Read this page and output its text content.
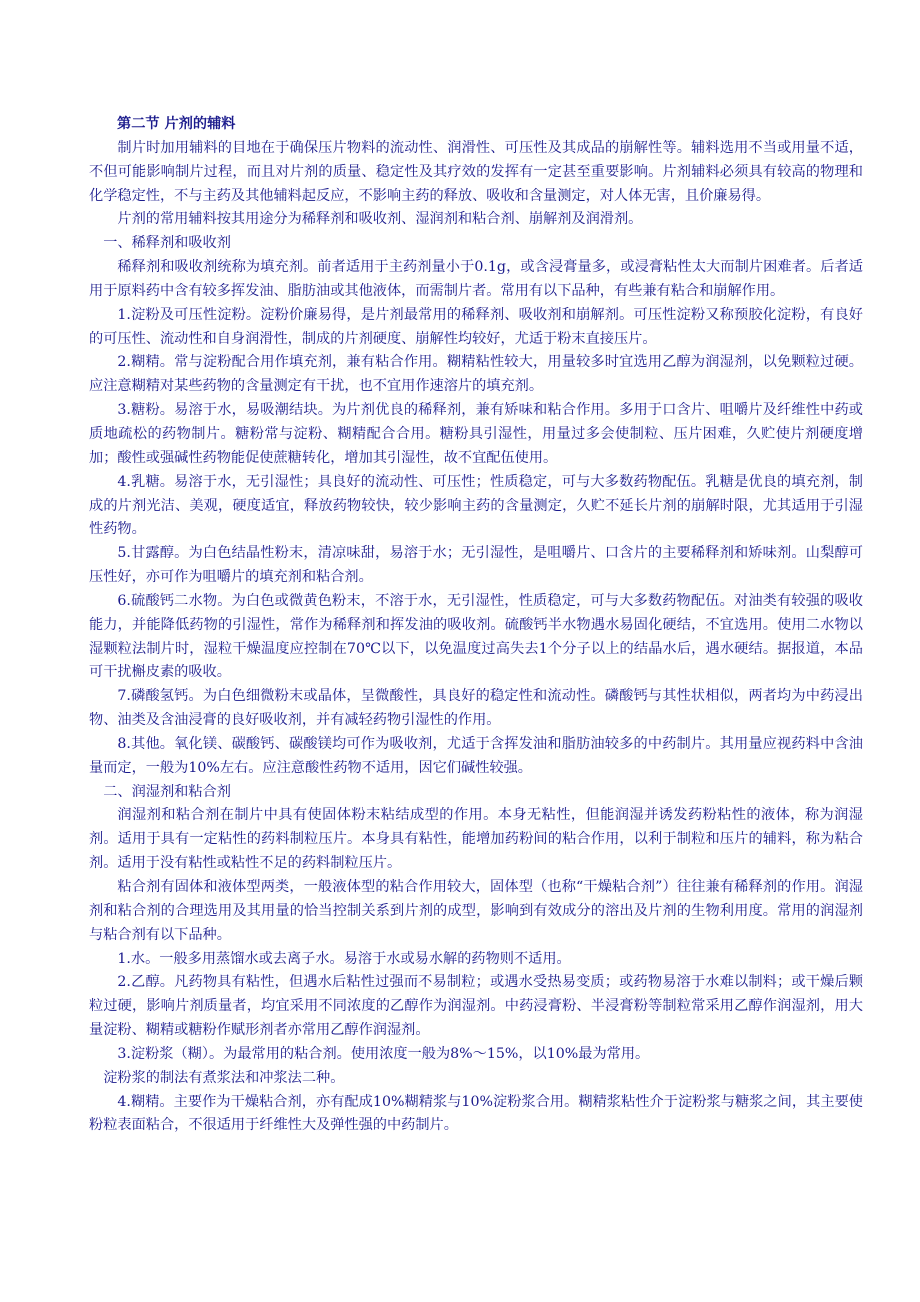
第二节 片剂的辅料

制片时加用辅料的目地在于确保压片物料的流动性、润滑性、可压性及其成品的崩解性等。辅料选用不当或用量不适，不但可能影响制片过程，而且对片剂的质量、稳定性及其疗效的发挥有一定甚至重要影响。片剂辅料必须具有较高的物理和化学稳定性，不与主药及其他辅料起反应，不影响主药的释放、吸收和含量测定，对人体无害，且价廉易得。

片剂的常用辅料按其用途分为稀释剂和吸收剂、湿润剂和粘合剂、崩解剂及润滑剂。

一、稀释剂和吸收剂

稀释剂和吸收剂统称为填充剂。前者适用于主药剂量小于0.1g，或含浸膏量多，或浸膏粘性太大而制片困难者。后者适用于原料药中含有较多挥发油、脂肪油或其他液体，而需制片者。常用有以下品种，有些兼有粘合和崩解作用。

1.淀粉及可压性淀粉。淀粉价廉易得，是片剂最常用的稀释剂、吸收剂和崩解剂。可压性淀粉又称预胶化淀粉，有良好的可压性、流动性和自身润滑性，制成的片剂硬度、崩解性均较好，尤适于粉末直接压片。

2.糊精。常与淀粉配合用作填充剂，兼有粘合作用。糊精粘性较大，用量较多时宜选用乙醇为润湿剂，以免颗粒过硬。应注意糊精对某些药物的含量测定有干扰，也不宜用作速溶片的填充剂。

3.糖粉。易溶于水，易吸潮结块。为片剂优良的稀释剂，兼有矫味和粘合作用。多用于口含片、咀嚼片及纤维性中药或质地疏松的药物制片。糖粉常与淀粉、糊精配合合用。糖粉具引湿性，用量过多会使制粒、压片困难，久贮使片剂硬度增加；酸性或强碱性药物能促使蔗糖转化，增加其引湿性，故不宜配伍使用。

4.乳糖。易溶于水，无引湿性；具良好的流动性、可压性；性质稳定，可与大多数药物配伍。乳糖是优良的填充剂，制成的片剂光洁、美观，硬度适宜，释放药物较快，较少影响主药的含量测定，久贮不延长片剂的崩解时限，尤其适用于引湿性药物。

5.甘露醇。为白色结晶性粉末，清凉味甜，易溶于水；无引湿性，是咀嚼片、口含片的主要稀释剂和矫味剂。山梨醇可压性好，亦可作为咀嚼片的填充剂和粘合剂。

6.硫酸钙二水物。为白色或微黄色粉末，不溶于水，无引湿性，性质稳定，可与大多数药物配伍。对油类有较强的吸收能力，并能降低药物的引湿性，常作为稀释剂和挥发油的吸收剂。硫酸钙半水物遇水易固化硬结，不宜选用。使用二水物以湿颗粒法制片时，湿粒干燥温度应控制在70℃以下，以免温度过高失去1个分子以上的结晶水后，遇水硬结。据报道，本品可干扰槲皮素的吸收。

7.磷酸氢钙。为白色细微粉末或晶体，呈微酸性，具良好的稳定性和流动性。磷酸钙与其性状相似，两者均为中药浸出物、油类及含油浸膏的良好吸收剂，并有减轻药物引湿性的作用。

8.其他。氧化镁、碳酸钙、碳酸镁均可作为吸收剂，尤适于含挥发油和脂肪油较多的中药制片。其用量应视药料中含油量而定，一般为10%左右。应注意酸性药物不适用，因它们碱性较强。

二、润湿剂和粘合剂

润湿剂和粘合剂在制片中具有使固体粉末粘结成型的作用。本身无粘性，但能润湿并诱发药粉粘性的液体，称为润湿剂。适用于具有一定粘性的药料制粒压片。本身具有粘性，能增加药粉间的粘合作用，以利于制粒和压片的辅料，称为粘合剂。适用于没有粘性或粘性不足的药料制粒压片。

粘合剂有固体和液体型两类，一般液体型的粘合作用较大，固体型（也称“干燥粘合剂”）往往兼有稀释剂的作用。润湿剂和粘合剂的合理选用及其用量的恰当控制关系到片剂的成型，影响到有效成分的溶出及片剂的生物利用度。常用的润湿剂与粘合剂有以下品种。

1.水。一般多用蒸馏水或去离子水。易溶于水或易水解的药物则不适用。

2.乙醇。凡药物具有粘性，但遇水后粘性过强而不易制粒；或遇水受热易变质；或药物易溶于水难以制料；或干燥后颗粒过硬，影响片剂质量者，均宜采用不同浓度的乙醇作为润湿剂。中药浸膏粉、半浸膏粉等制粒常采用乙醇作润湿剂，用大量淀粉、糊精或糖粉作赋形剂者亦常用乙醇作润湿剂。

3.淀粉浆（糊）。为最常用的粘合剂。使用浓度一般为8%～15%，以10%最为常用。

淀粉浆的制法有煮浆法和冲浆法二种。

4.糊精。主要作为干燥粘合剂，亦有配成10%糊精浆与10%淀粉浆合用。糊精浆粘性介于淀粉浆与糖浆之间，其主要使粉粒表面粘合，不很适用于纤维性大及弹性强的中药制片。
